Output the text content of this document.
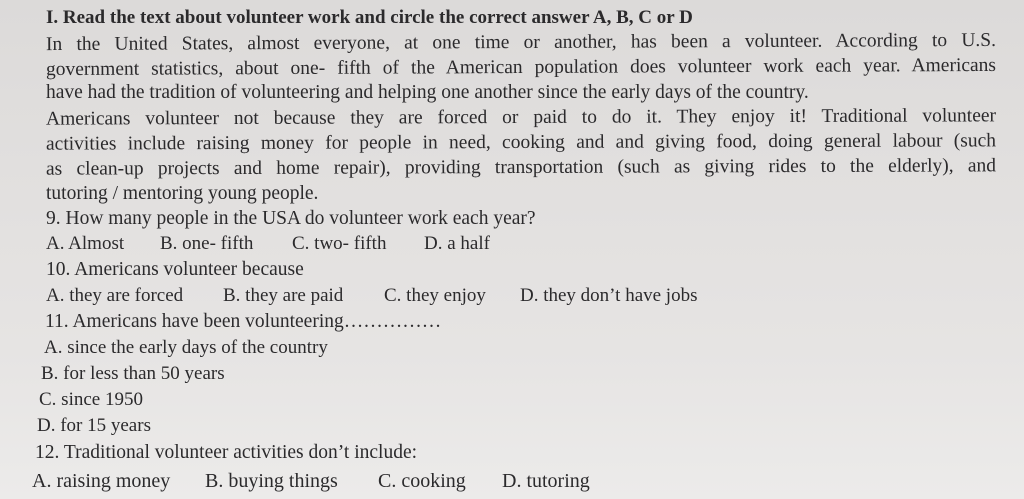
I. Read the text about volunteer work and circle the correct answer A, B, C or D
In the United States, almost everyone, at one time or another, has been a volunteer. According to U.S.
government statistics, about one- fifth of the American population does volunteer work each year. Americans
have had the tradition of volunteering and helping one another since the early days of the country.
Americans volunteer not because they are forced or paid to do it. They enjoy it! Traditional volunteer
activities include raising money for people in need, cooking and and giving food, doing general labour (such
as clean-up projects and home repair), providing transportation (such as giving rides to the elderly), and
tutoring / mentoring young people.
9. How many people in the USA do volunteer work each year?
A. Almost B. one- fifth C. two- fifth D. a half
10. Americans volunteer because
A. they are forced B. they are paid C. they enjoy D. they don’t have jobs
11. Americans have been volunteering……………
A. since the early days of the country
B. for less than 50 years
C. since 1950
D. for 15 years
12. Traditional volunteer activities don’t include:
A. raising money B. buying things C. cooking D. tutoring
